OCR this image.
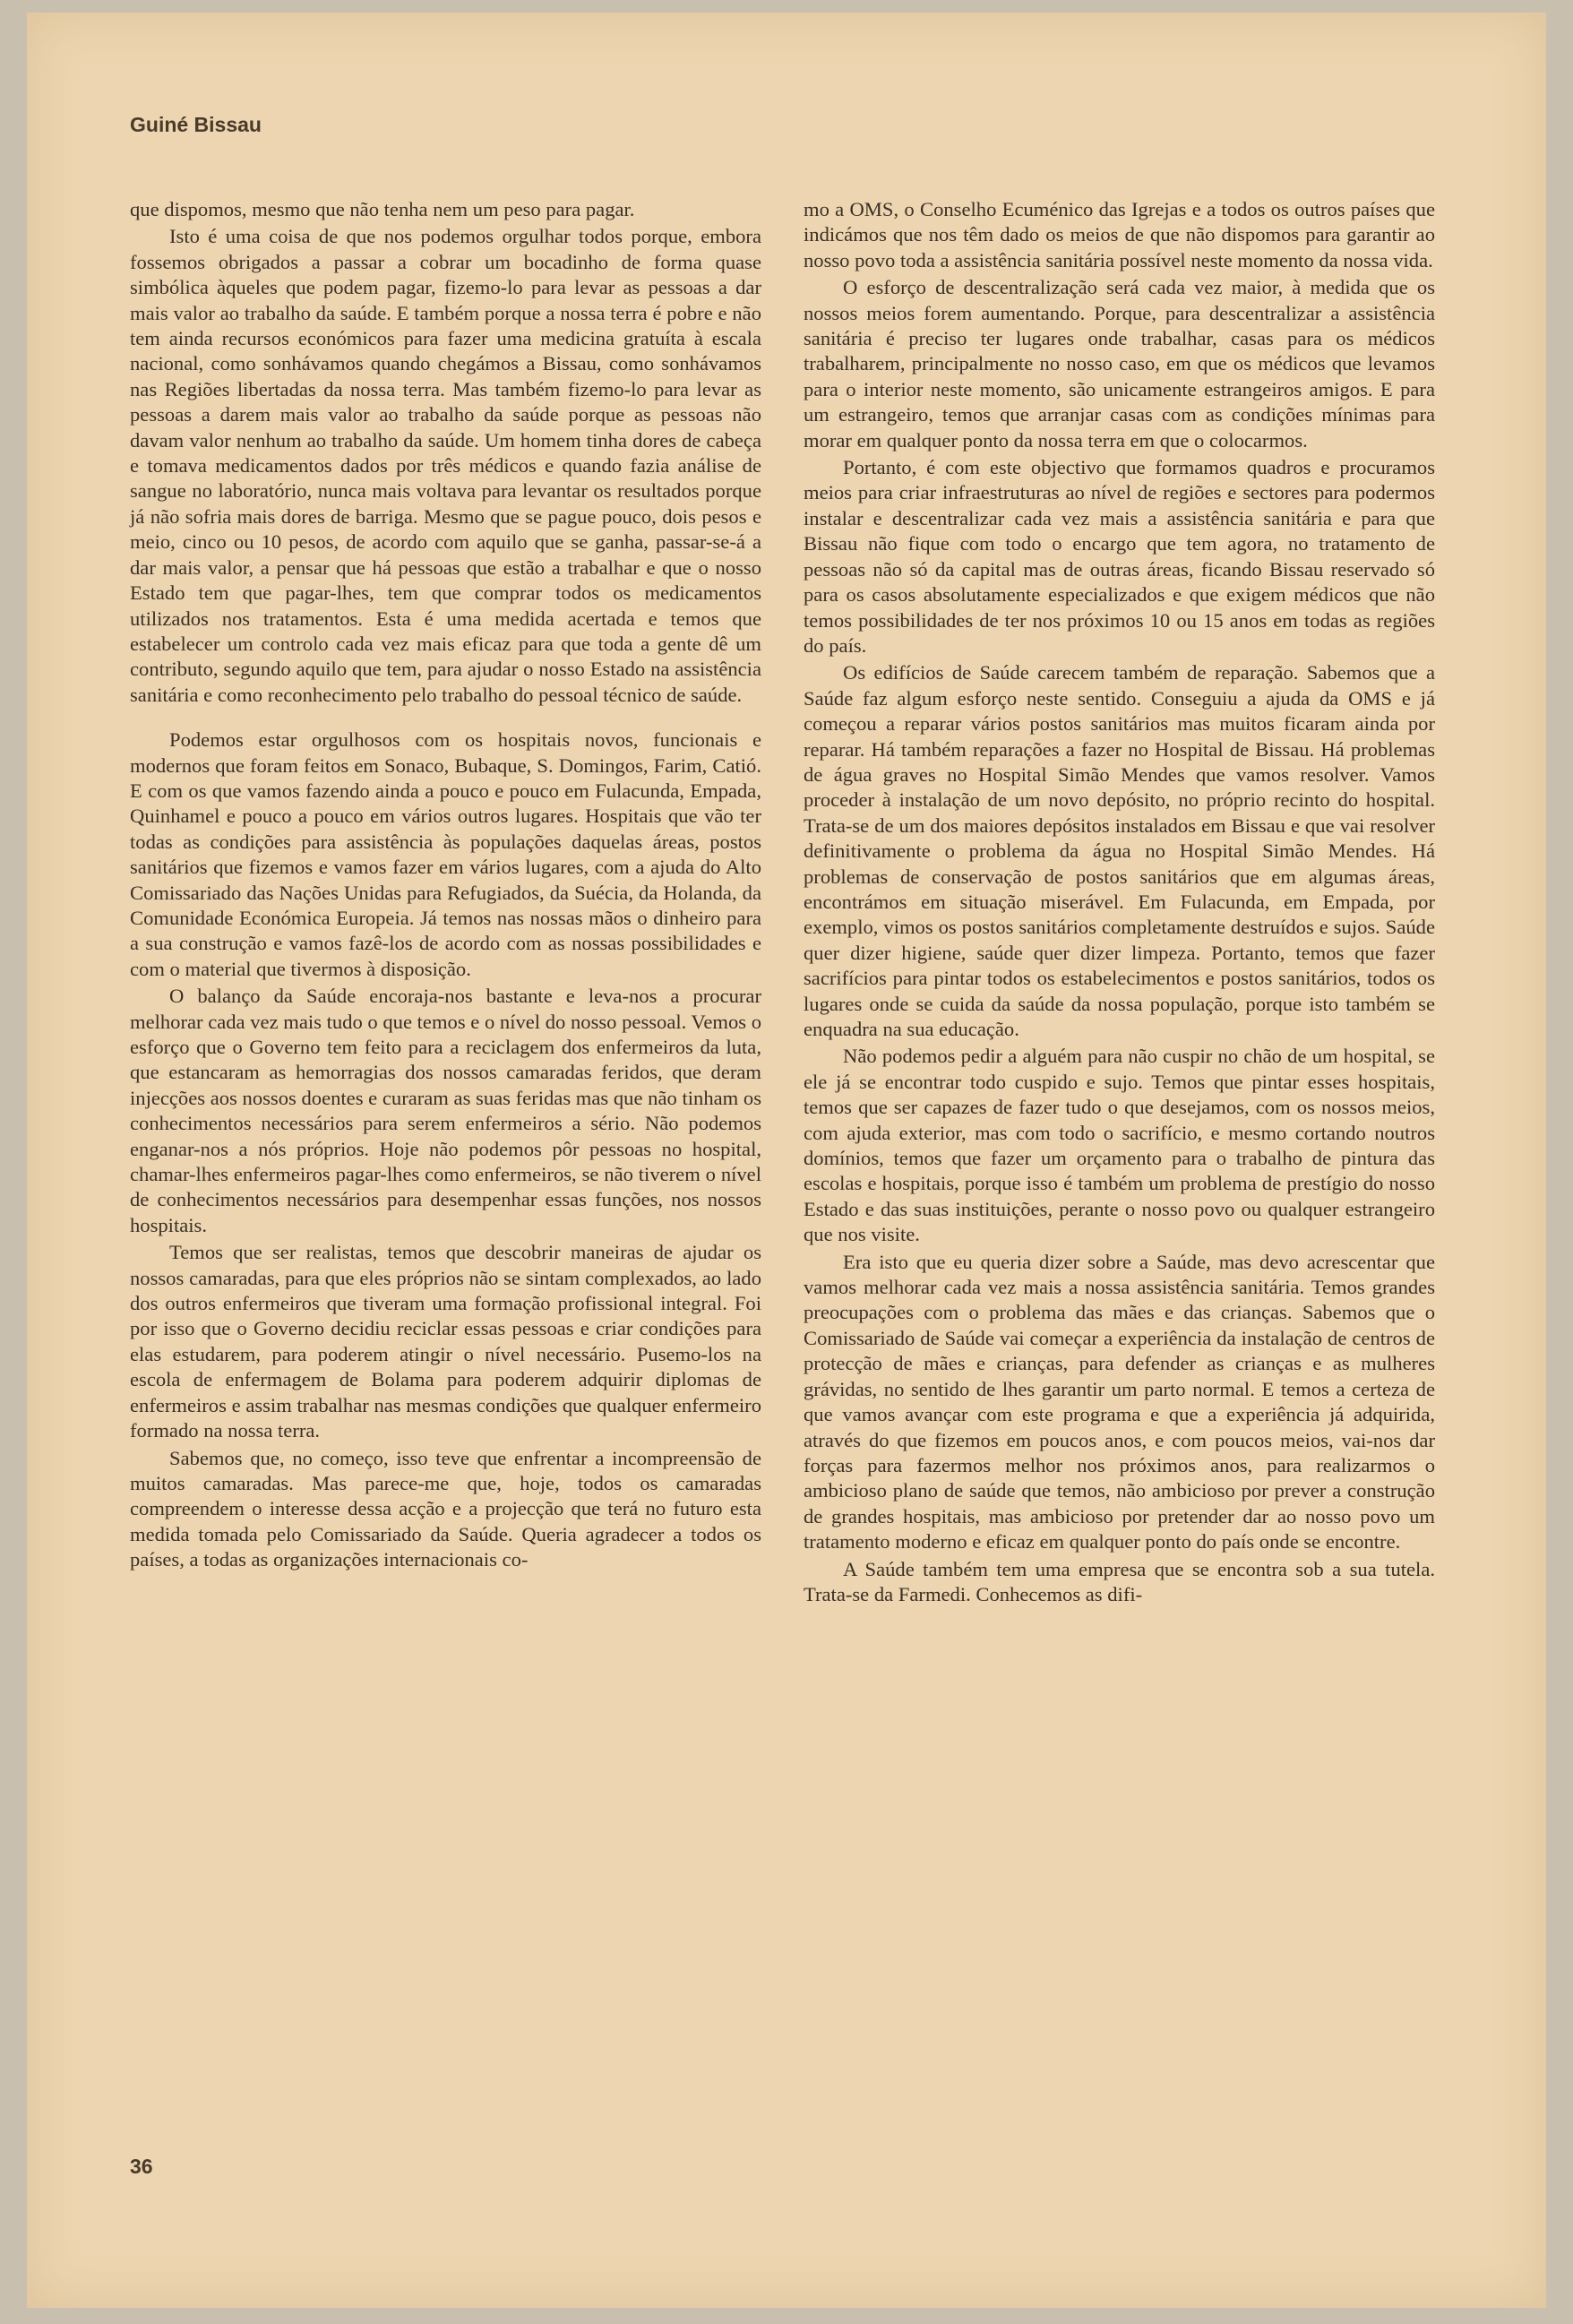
Guiné Bissau

que dispomos, mesmo que não tenha nem um peso para pagar.

Isto é uma coisa de que nos podemos orgulhar todos porque, embora fossemos obrigados a passar a cobrar um bocadinho de forma quase simbólica àqueles que podem pagar, fizemo-lo para levar as pessoas a dar mais valor ao trabalho da saúde. E também porque a nossa terra é pobre e não tem ainda recursos económicos para fazer uma medicina gratuíta à escala nacional, como sonhávamos quando chegámos a Bissau, como sonhávamos nas Regiões libertadas da nossa terra. Mas também fizemo-lo para levar as pessoas a darem mais valor ao trabalho da saúde porque as pessoas não davam valor nenhum ao trabalho da saúde. Um homem tinha dores de cabeça e tomava medicamentos dados por três médicos e quando fazia análise de sangue no laboratório, nunca mais voltava para levantar os resultados porque já não sofria mais dores de barriga. Mesmo que se pague pouco, dois pesos e meio, cinco ou 10 pesos, de acordo com aquilo que se ganha, passar-se-á a dar mais valor, a pensar que há pessoas que estão a trabalhar e que o nosso Estado tem que pagar-lhes, tem que comprar todos os medicamentos utilizados nos tratamentos. Esta é uma medida acertada e temos que estabelecer um controlo cada vez mais eficaz para que toda a gente dê um contributo, segundo aquilo que tem, para ajudar o nosso Estado na assistência sanitária e como reconhecimento pelo trabalho do pessoal técnico de saúde.

Podemos estar orgulhosos com os hospitais novos, funcionais e modernos que foram feitos em Sonaco, Bubaque, S. Domingos, Farim, Catió. E com os que vamos fazendo ainda a pouco e pouco em Fulacunda, Empada, Quinhamel e pouco a pouco em vários outros lugares. Hospitais que vão ter todas as condições para assistência às populações daquelas áreas, postos sanitários que fizemos e vamos fazer em vários lugares, com a ajuda do Alto Comissariado das Nações Unidas para Refugiados, da Suécia, da Holanda, da Comunidade Económica Europeia. Já temos nas nossas mãos o dinheiro para a sua construção e vamos fazê-los de acordo com as nossas possibilidades e com o material que tivermos à disposição.

O balanço da Saúde encoraja-nos bastante e leva-nos a procurar melhorar cada vez mais tudo o que temos e o nível do nosso pessoal. Vemos o esforço que o Governo tem feito para a reciclagem dos enfermeiros da luta, que estancaram as hemorragias dos nossos camaradas feridos, que deram injecções aos nossos doentes e curaram as suas feridas mas que não tinham os conhecimentos necessários para serem enfermeiros a sério. Não podemos enganar-nos a nós próprios. Hoje não podemos pôr pessoas no hospital, chamar-lhes enfermeiros pagar-lhes como enfermeiros, se não tiverem o nível de conhecimentos necessários para desempenhar essas funções, nos nossos hospitais.

Temos que ser realistas, temos que descobrir maneiras de ajudar os nossos camaradas, para que eles próprios não se sintam complexados, ao lado dos outros enfermeiros que tiveram uma formação profissional integral. Foi por isso que o Governo decidiu reciclar essas pessoas e criar condições para elas estudarem, para poderem atingir o nível necessário. Pusemo-los na escola de enfermagem de Bolama para poderem adquirir diplomas de enfermeiros e assim trabalhar nas mesmas condições que qualquer enfermeiro formado na nossa terra.

Sabemos que, no começo, isso teve que enfrentar a incompreensão de muitos camaradas. Mas parece-me que, hoje, todos os camaradas compreendem o interesse dessa acção e a projecção que terá no futuro esta medida tomada pelo Comissariado da Saúde. Queria agradecer a todos os países, a todas as organizações internacionais co-

mo a OMS, o Conselho Ecuménico das Igrejas e a todos os outros países que indicámos que nos têm dado os meios de que não dispomos para garantir ao nosso povo toda a assistência sanitária possível neste momento da nossa vida.

O esforço de descentralização será cada vez maior, à medida que os nossos meios forem aumentando. Porque, para descentralizar a assistência sanitária é preciso ter lugares onde trabalhar, casas para os médicos trabalharem, principalmente no nosso caso, em que os médicos que levamos para o interior neste momento, são unicamente estrangeiros amigos. E para um estrangeiro, temos que arranjar casas com as condições mínimas para morar em qualquer ponto da nossa terra em que o colocarmos.

Portanto, é com este objectivo que formamos quadros e procuramos meios para criar infraestruturas ao nível de regiões e sectores para podermos instalar e descentralizar cada vez mais a assistência sanitária e para que Bissau não fique com todo o encargo que tem agora, no tratamento de pessoas não só da capital mas de outras áreas, ficando Bissau reservado só para os casos absolutamente especializados e que exigem médicos que não temos possibilidades de ter nos próximos 10 ou 15 anos em todas as regiões do país.

Os edifícios de Saúde carecem também de reparação. Sabemos que a Saúde faz algum esforço neste sentido. Conseguiu a ajuda da OMS e já começou a reparar vários postos sanitários mas muitos ficaram ainda por reparar. Há também reparações a fazer no Hospital de Bissau. Há problemas de água graves no Hospital Simão Mendes que vamos resolver. Vamos proceder à instalação de um novo depósito, no próprio recinto do hospital. Trata-se de um dos maiores depósitos instalados em Bissau e que vai resolver definitivamente o problema da água no Hospital Simão Mendes. Há problemas de conservação de postos sanitários que em algumas áreas, encontrámos em situação miserável. Em Fulacunda, em Empada, por exemplo, vimos os postos sanitários completamente destruídos e sujos. Saúde quer dizer higiene, saúde quer dizer limpeza. Portanto, temos que fazer sacrifícios para pintar todos os estabelecimentos e postos sanitários, todos os lugares onde se cuida da saúde da nossa população, porque isto também se enquadra na sua educação.

Não podemos pedir a alguém para não cuspir no chão de um hospital, se ele já se encontrar todo cuspido e sujo. Temos que pintar esses hospitais, temos que ser capazes de fazer tudo o que desejamos, com os nossos meios, com ajuda exterior, mas com todo o sacrifício, e mesmo cortando noutros domínios, temos que fazer um orçamento para o trabalho de pintura das escolas e hospitais, porque isso é também um problema de prestígio do nosso Estado e das suas instituições, perante o nosso povo ou qualquer estrangeiro que nos visite.

Era isto que eu queria dizer sobre a Saúde, mas devo acrescentar que vamos melhorar cada vez mais a nossa assistência sanitária. Temos grandes preocupações com o problema das mães e das crianças. Sabemos que o Comissariado de Saúde vai começar a experiência da instalação de centros de protecção de mães e crianças, para defender as crianças e as mulheres grávidas, no sentido de lhes garantir um parto normal. E temos a certeza de que vamos avançar com este programa e que a experiência já adquirida, através do que fizemos em poucos anos, e com poucos meios, vai-nos dar forças para fazermos melhor nos próximos anos, para realizarmos o ambicioso plano de saúde que temos, não ambicioso por prever a construção de grandes hospitais, mas ambicioso por pretender dar ao nosso povo um tratamento moderno e eficaz em qualquer ponto do país onde se encontre.

A Saúde também tem uma empresa que se encontra sob a sua tutela. Trata-se da Farmedi. Conhecemos as difi-

36
